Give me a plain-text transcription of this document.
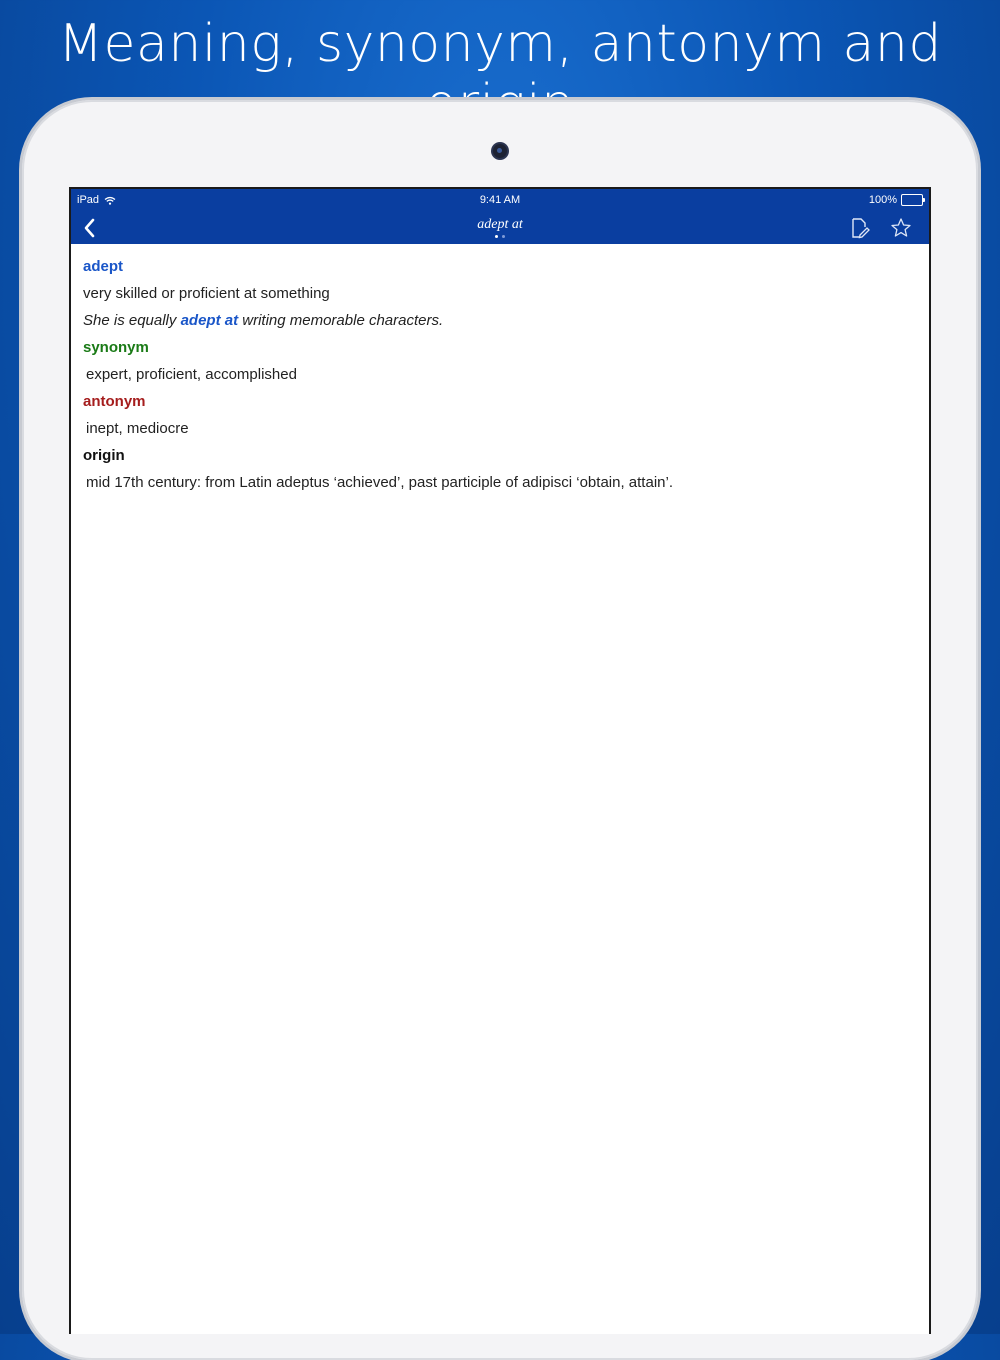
Meaning, synonym, antonym and
iPad	9:41 AM	100%
adept at

adept
very skilled or proficient at something
She is equally adept at writing memorable characters.
synonym
expert, proficient, accomplished
antonym
inept, mediocre
origin
mid 17th century: from Latin adeptus ‘achieved’, past participle of adipisci ‘obtain, attain’.
